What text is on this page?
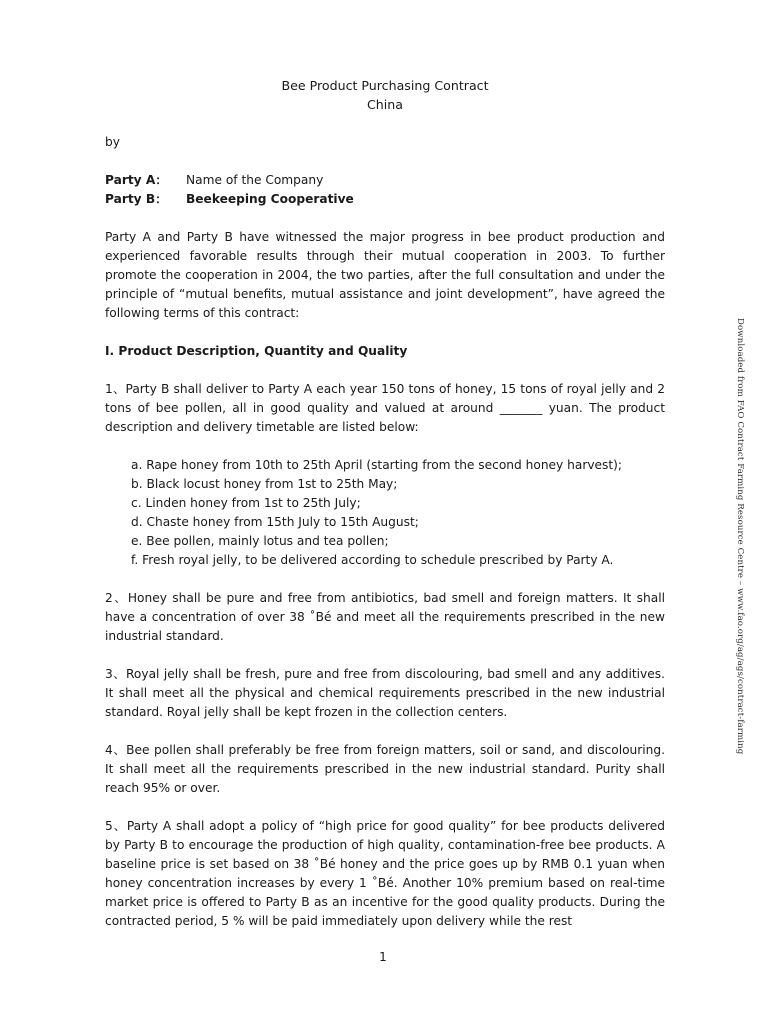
Bee Product Purchasing Contract
China

by

Party A： Name of the Company
Party B： Beekeeping Cooperative

Party A and Party B have witnessed the major progress in bee product production and experienced favorable results through their mutual cooperation in 2003. To further promote the cooperation in 2004, the two parties, after the full consultation and under the principle of “mutual benefits, mutual assistance and joint development”, have agreed the following terms of this contract:

I. Product Description, Quantity and Quality

1、Party B shall deliver to Party A each year 150 tons of honey, 15 tons of royal jelly and 2 tons of bee pollen, all in good quality and valued at around _______ yuan. The product description and delivery timetable are listed below:

a. Rape honey from 10th to 25th April (starting from the second honey harvest);
b. Black locust honey from 1st to 25th May;
c. Linden honey from 1st to 25th July;
d. Chaste honey from 15th July to 15th August;
e. Bee pollen, mainly lotus and tea pollen;
f. Fresh royal jelly, to be delivered according to schedule prescribed by Party A.

2、Honey shall be pure and free from antibiotics, bad smell and foreign matters. It shall have a concentration of over 38 ˚Bé and meet all the requirements prescribed in the new industrial standard.

3、Royal jelly shall be fresh, pure and free from discolouring, bad smell and any additives. It shall meet all the physical and chemical requirements prescribed in the new industrial standard. Royal jelly shall be kept frozen in the collection centers.

4、Bee pollen shall preferably be free from foreign matters, soil or sand, and discolouring. It shall meet all the requirements prescribed in the new industrial standard. Purity shall reach 95% or over.

5、Party A shall adopt a policy of “high price for good quality” for bee products delivered by Party B to encourage the production of high quality, contamination-free bee products. A baseline price is set based on 38 ˚Bé honey and the price goes up by RMB 0.1 yuan when honey concentration increases by every 1 ˚Bé. Another 10% premium based on real-time market price is offered to Party B as an incentive for the good quality products. During the contracted period, 5 % will be paid immediately upon delivery while the rest

Downloaded from FAO Contract Farming Resource Centre – www.fao.org/ag/ags/contract-farming
1
